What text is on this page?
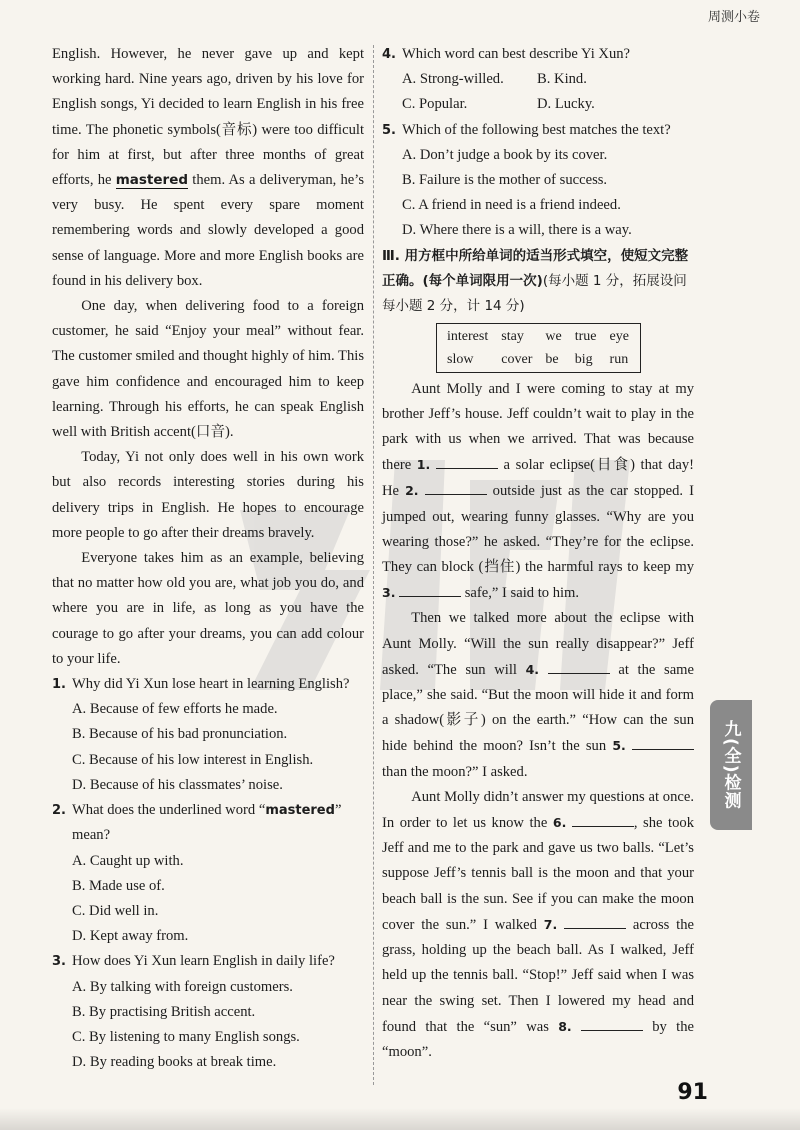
周测小卷

English. However, he never gave up and kept working hard. Nine years ago, driven by his love for English songs, Yi decided to learn English in his free time. The phonetic symbols(音标) were too difficult for him at first, but after three months of great efforts, he mastered them. As a deliveryman, he’s very busy. He spent every spare moment remembering words and slowly developed a good sense of language. More and more English books are found in his delivery box.

One day, when delivering food to a foreign customer, he said “Enjoy your meal” without fear. The customer smiled and thought highly of him. This gave him confidence and encouraged him to keep learning. Through his efforts, he can speak English well with British accent(口音).

Today, Yi not only does well in his own work but also records interesting stories during his delivery trips in English. He hopes to encourage more people to go after their dreams bravely.

Everyone takes him as an example, believing that no matter how old you are, what job you do, and where you are in life, as long as you have the courage to go after your dreams, you can add colour to your life.

1. Why did Yi Xun lose heart in learning English?
A. Because of few efforts he made.
B. Because of his bad pronunciation.
C. Because of his low interest in English.
D. Because of his classmates’ noise.
2. What does the underlined word “mastered” mean?
A. Caught up with.
B. Made use of.
C. Did well in.
D. Kept away from.
3. How does Yi Xun learn English in daily life?
A. By talking with foreign customers.
B. By practising British accent.
C. By listening to many English songs.
D. By reading books at break time.
4. Which word can best describe Yi Xun?
A. Strong-willed.	B. Kind.
C. Popular.	D. Lucky.
5. Which of the following best matches the text?
A. Don’t judge a book by its cover.
B. Failure is the mother of success.
C. A friend in need is a friend indeed.
D. Where there is a will, there is a way.
Ⅲ. 用方框中所给单词的适当形式填空，使短文完整正确。(每个单词限用一次)(每小题 1 分，拓展设问每小题 2 分，计 14 分)
interest stay	we true eye
slow	cover be big run

Aunt Molly and I were coming to stay at my brother Jeff’s house. Jeff couldn’t wait to play in the park with us when we arrived. That was because there 1.	a solar eclipse(日食) that day! He 2.	outside just as the car stopped. I jumped out, wearing funny glasses. “Why are you wearing those?” he asked. “They’re for the eclipse. They can block (挡住) the harmful rays to keep my 3.	safe,” I said to him.

Then we talked more about the eclipse with Aunt Molly. “Will the sun really disappear?” Jeff asked. “The sun will 4.	at the same place,” she said. “But the moon will hide it and form a shadow(影子) on the earth.” “How can the sun hide behind the moon? Isn’t the sun 5.  than the moon?” I asked.

Aunt Molly didn’t answer my questions at once. In order to let us know the 6.	, she took Jeff and me to the park and gave us two balls. “Let’s suppose Jeff’s tennis ball is the moon and that your beach ball is the sun. See if you can make the moon cover the sun.” I walked 7.	across the grass, holding up the beach ball. As I walked, Jeff held up the tennis ball. “Stop!” Jeff said when I was near the swing set. Then I lowered my head and found that the “sun” was 8.	by the “moon”.

九(全)检测
91
